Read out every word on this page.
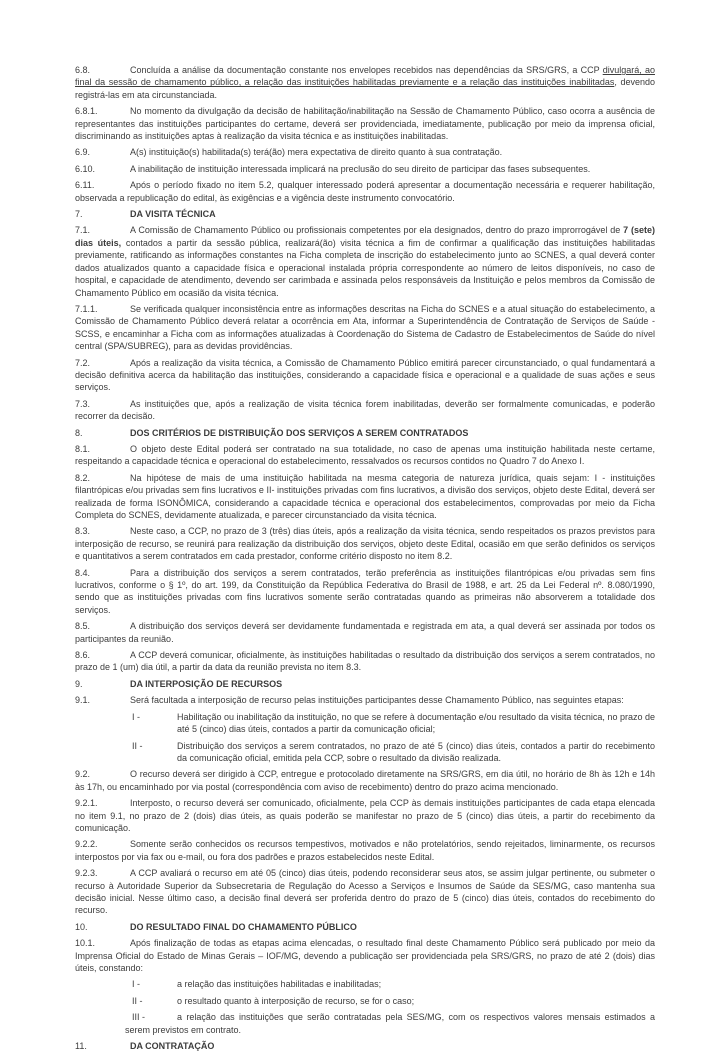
6.8.	Concluída a análise da documentação constante nos envelopes recebidos nas dependências da SRS/GRS, a CCP divulgará, ao final da sessão de chamamento público, a relação das instituições habilitadas previamente e a relação das instituições inabilitadas, devendo registrá-las em ata circunstanciada.
6.8.1.	No momento da divulgação da decisão de habilitação/inabilitação na Sessão de Chamamento Público, caso ocorra a ausência de representantes das instituições participantes do certame, deverá ser providenciada, imediatamente, publicação por meio da imprensa oficial, discriminando as instituições aptas à realização da visita técnica e as instituições inabilitadas.
6.9.	A(s) instituição(s) habilitada(s) terá(ão) mera expectativa de direito quanto à sua contratação.
6.10.	A inabilitação de instituição interessada implicará na preclusão do seu direito de participar das fases subsequentes.
6.11.	Após o período fixado no item 5.2, qualquer interessado poderá apresentar a documentação necessária e requerer habilitação, observada a republicação do edital, às exigências e a vigência deste instrumento convocatório.
7.	DA VISITA TÉCNICA
7.1.	A Comissão de Chamamento Público ou profissionais competentes por ela designados, dentro do prazo improrrogável de 7 (sete) dias úteis, contados a partir da sessão pública, realizará(ão) visita técnica a fim de confirmar a qualificação das instituições habilitadas previamente, ratificando as informações constantes na Ficha completa de inscrição do estabelecimento junto ao SCNES, a qual deverá conter dados atualizados quanto a capacidade física e operacional instalada própria correspondente ao número de leitos disponíveis, no caso de hospital, e capacidade de atendimento, devendo ser carimbada e assinada pelos responsáveis da Instituição e pelos membros da Comissão de Chamamento Público em ocasião da visita técnica.
7.1.1.	Se verificada qualquer inconsistência entre as informações descritas na Ficha do SCNES e a atual situação do estabelecimento, a Comissão de Chamamento Público deverá relatar a ocorrência em Ata, informar a Superintendência de Contratação de Serviços de Saúde - SCSS, e encaminhar a Ficha com as informações atualizadas à Coordenação do Sistema de Cadastro de Estabelecimentos de Saúde do nível central (SPA/SUBREG), para as devidas providências.
7.2.	Após a realização da visita técnica, a Comissão de Chamamento Público emitirá parecer circunstanciado, o qual fundamentará a decisão definitiva acerca da habilitação das instituições, considerando a capacidade física e operacional e a qualidade de suas ações e seus serviços.
7.3.	As instituições que, após a realização de visita técnica forem inabilitadas, deverão ser formalmente comunicadas, e poderão recorrer da decisão.
8.	DOS CRITÉRIOS DE DISTRIBUIÇÃO DOS SERVIÇOS A SEREM CONTRATADOS
8.1.	O objeto deste Edital poderá ser contratado na sua totalidade, no caso de apenas uma instituição habilitada neste certame, respeitando a capacidade técnica e operacional do estabelecimento, ressalvados os recursos contidos no Quadro 7 do Anexo I.
8.2.	Na hipótese de mais de uma instituição habilitada na mesma categoria de natureza jurídica, quais sejam: I - instituições filantrópicas e/ou privadas sem fins lucrativos e II- instituições privadas com fins lucrativos, a divisão dos serviços, objeto deste Edital, deverá ser realizada de forma ISONÔMICA, considerando a capacidade técnica e operacional dos estabelecimentos, comprovadas por meio da Ficha Completa do SCNES, devidamente atualizada, e parecer circunstanciado da visita técnica.
8.3.	Neste caso, a CCP, no prazo de 3 (três) dias úteis, após a realização da visita técnica, sendo respeitados os prazos previstos para interposição de recurso, se reunirá para realização da distribuição dos serviços, objeto deste Edital, ocasião em que serão definidos os serviços e quantitativos a serem contratados em cada prestador, conforme critério disposto no item 8.2.
8.4.	Para a distribuição dos serviços a serem contratados, terão preferência as instituições filantrópicas e/ou privadas sem fins lucrativos, conforme o § 1º, do art. 199, da Constituição da República Federativa do Brasil de 1988, e art. 25 da Lei Federal nº. 8.080/1990, sendo que as instituições privadas com fins lucrativos somente serão contratadas quando as primeiras não absorverem a totalidade dos serviços.
8.5.	A distribuição dos serviços deverá ser devidamente fundamentada e registrada em ata, a qual deverá ser assinada por todos os participantes da reunião.
8.6.	A CCP deverá comunicar, oficialmente, às instituições habilitadas o resultado da distribuição dos serviços a serem contratados, no prazo de 1 (um) dia útil, a partir da data da reunião prevista no item 8.3.
9.	DA INTERPOSIÇÃO DE RECURSOS
9.1.	Será facultada a interposição de recurso pelas instituições participantes desse Chamamento Público, nas seguintes etapas:
I -	Habilitação ou inabilitação da instituição, no que se refere à documentação e/ou resultado da visita técnica, no prazo de até 5 (cinco) dias úteis, contados a partir da comunicação oficial;
II -	Distribuição dos serviços a serem contratados, no prazo de até 5 (cinco) dias úteis, contados a partir do recebimento da comunicação oficial, emitida pela CCP, sobre o resultado da divisão realizada.
9.2.	O recurso deverá ser dirigido à CCP, entregue e protocolado diretamente na SRS/GRS, em dia útil, no horário de 8h às 12h e 14h às 17h, ou encaminhado por via postal (correspondência com aviso de recebimento) dentro do prazo acima mencionado.
9.2.1.	Interposto, o recurso deverá ser comunicado, oficialmente, pela CCP às demais instituições participantes de cada etapa elencada no item 9.1, no prazo de 2 (dois) dias úteis, as quais poderão se manifestar no prazo de 5 (cinco) dias úteis, a partir do recebimento da comunicação.
9.2.2.	Somente serão conhecidos os recursos tempestivos, motivados e não protelatórios, sendo rejeitados, liminarmente, os recursos interpostos por via fax ou e-mail, ou fora dos padrões e prazos estabelecidos neste Edital.
9.2.3.	A CCP avaliará o recurso em até 05 (cinco) dias úteis, podendo reconsiderar seus atos, se assim julgar pertinente, ou submeter o recurso à Autoridade Superior da Subsecretaria de Regulação do Acesso a Serviços e Insumos de Saúde da SES/MG, caso mantenha sua decisão inicial. Nesse último caso, a decisão final deverá ser proferida dentro do prazo de 5 (cinco) dias úteis, contados do recebimento do recurso.
10.	DO RESULTADO FINAL DO CHAMAMENTO PÚBLICO
10.1.	Após finalização de todas as etapas acima elencadas, o resultado final deste Chamamento Público será publicado por meio da Imprensa Oficial do Estado de Minas Gerais – IOF/MG, devendo a publicação ser providenciada pela SRS/GRS, no prazo de até 2 (dois) dias úteis, constando:
I -	a relação das instituições habilitadas e inabilitadas;
II -	o resultado quanto à interposição de recurso, se for o caso;
III -	a relação das instituições que serão contratadas pela SES/MG, com os respectivos valores mensais estimados a serem previstos em contrato.
11.	DA CONTRATAÇÃO
